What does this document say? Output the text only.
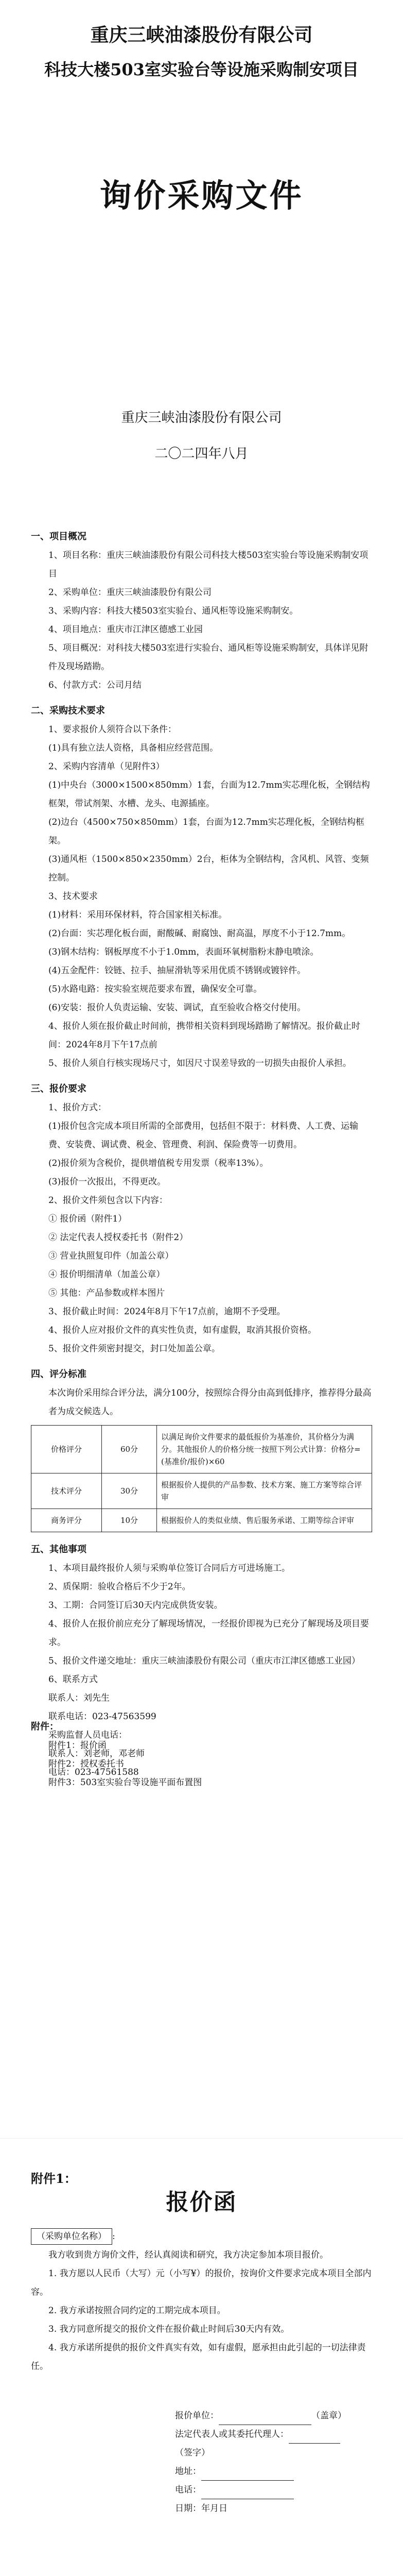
重庆三峡油漆股份有限公司
科技大楼503室实验台等设施采购制安项目
询价采购文件
重庆三峡油漆股份有限公司
二〇二四年八月
一、项目概况
1、项目名称：重庆三峡油漆股份有限公司科技大楼503室实验台等设施采购制安项目
2、采购单位：重庆三峡油漆股份有限公司
3、采购内容：科技大楼503室实验台、通风柜等设施采购制安。
4、项目地点：重庆市江津区德感工业园
5、项目概况：对科技大楼503室进行实验台、通风柜等设施采购制安，具体详见附件及现场踏勘。
6、付款方式：公司月结
二、采购技术要求
1、要求报价人须符合以下条件：
(1)具有独立法人资格，具备相应经营范围。
2、采购内容清单（见附件3）
(1)中央台（3000×1500×850mm）1套，台面为12.7mm实芯理化板，全钢结构框架，带试剂架、水槽、龙头、电源插座。
(2)边台（4500×750×850mm）1套，台面为12.7mm实芯理化板，全钢结构框架。
(3)通风柜（1500×850×2350mm）2台，柜体为全钢结构，含风机、风管、变频控制。
3、技术要求
(1)材料：采用环保材料，符合国家相关标准。
(2)台面：实芯理化板台面，耐酸碱、耐腐蚀、耐高温，厚度不小于12.7mm。
(3)钢木结构：钢板厚度不小于1.0mm，表面环氧树脂粉末静电喷涂。
(4)五金配件：铰链、拉手、抽屉滑轨等采用优质不锈钢或镀锌件。
(5)水路电路：按实验室规范要求布置，确保安全可靠。
(6)安装：报价人负责运输、安装、调试，直至验收合格交付使用。
4、报价人须在报价截止时间前，携带相关资料到现场踏勘了解情况。报价截止时间：2024年8月下午17点前
5、报价人须自行核实现场尺寸，如因尺寸误差导致的一切损失由报价人承担。
三、报价要求
1、报价方式：
(1)报价包含完成本项目所需的全部费用，包括但不限于：材料费、人工费、运输费、安装费、调试费、税金、管理费、利润、保险费等一切费用。
(2)报价须为含税价，提供增值税专用发票（税率13%）。
(3)报价一次报出，不得更改。
2、报价文件须包含以下内容：
① 报价函（附件1）
② 法定代表人授权委托书（附件2）
③ 营业执照复印件（加盖公章）
④ 报价明细清单（加盖公章）
⑤ 其他：产品参数或样本图片
3、报价截止时间：2024年8月下午17点前，逾期不予受理。
4、报价人应对报价文件的真实性负责，如有虚假，取消其报价资格。
5、报价文件须密封提交，封口处加盖公章。
四、评分标准
本次询价采用综合评分法，满分100分，按照综合得分由高到低排序，推荐得分最高者为成交候选人。
价格评分	60分	以满足询价文件要求的最低报价为基准价，其价格分为满分。其他报价人的价格分统一按照下列公式计算：价格分=(基准价/报价)×60
技术评分	30分	根据报价人提供的产品参数、技术方案、施工方案等综合评审
商务评分	10分	根据报价人的类似业绩、售后服务承诺、工期等综合评审
五、其他事项
1、本项目最终报价人须与采购单位签订合同后方可进场施工。
2、质保期：验收合格后不少于2年。
3、工期：合同签订后30天内完成供货安装。
4、报价人在报价前应充分了解现场情况，一经报价即视为已充分了解现场及项目要求。
5、报价文件递交地址：重庆三峡油漆股份有限公司（重庆市江津区德感工业园）
6、联系方式
联系人：刘先生
联系电话：023-47563599
采购监督人员电话：
联系人：刘老师，邓老师
电话：023-47561588
附件：
附件1：报价函
附件2：授权委托书
附件3：503室实验台等设施平面布置图
附件1：
报价函
（采购单位名称） :
我方收到贵方询价文件，经认真阅读和研究，我方决定参加本项目报价。
1. 我方愿以人民币（大写）元（小写¥）的报价，按询价文件要求完成本项目全部内容。
2. 我方承诺按照合同约定的工期完成本项目。
3. 我方同意所提交的报价文件在报价截止时间后30天内有效。
4. 我方承诺所提供的报价文件真实有效，如有虚假，愿承担由此引起的一切法律责任。
报价单位：	（盖章）
法定代表人或其委托代理人：（签字）
地址：
电话：
日期：年月日
